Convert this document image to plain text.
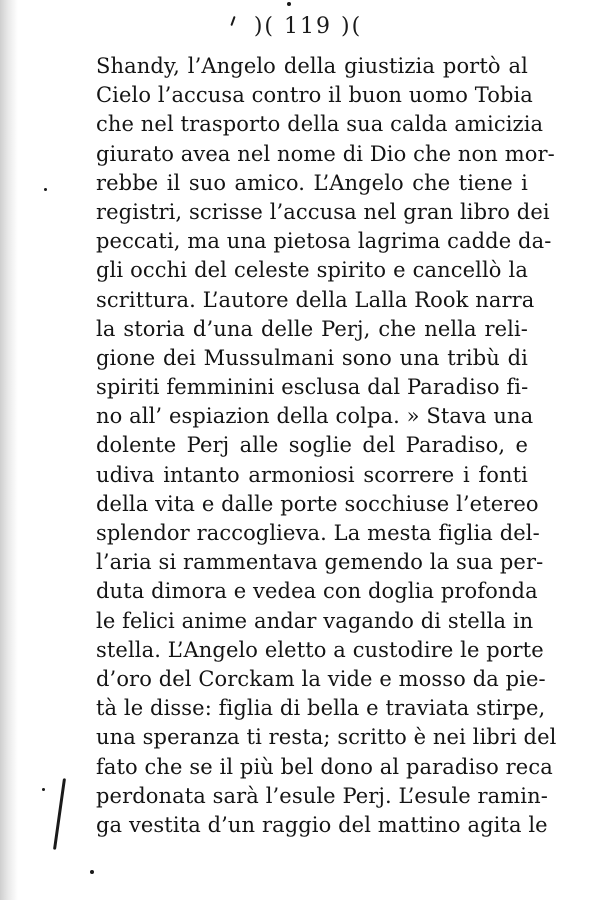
)( 119 )(
Shandy, l’Angelo della giustizia portò al
Cielo l’accusa contro il buon uomo Tobia
che nel trasporto della sua calda amicizia
giurato avea nel nome di Dio che non mor-
rebbe il suo amico. L’Angelo che tiene i
registri, scrisse l’accusa nel gran libro dei
peccati, ma una pietosa lagrima cadde da-
gli occhi del celeste spirito e cancellò la
scrittura. L’autore della Lalla Rook narra
la storia d’una delle Perj, che nella reli-
gione dei Mussulmani sono una tribù di
spiriti femminini esclusa dal Paradiso fi-
no all’ espiazion della colpa. » Stava una
dolente Perj alle soglie del Paradiso, e
udiva intanto armoniosi scorrere i fonti
della vita e dalle porte socchiuse l’etereo
splendor raccoglieva. La mesta figlia del-
l’aria si rammentava gemendo la sua per-
duta dimora e vedea con doglia profonda
le felici anime andar vagando di stella in
stella. L’Angelo eletto a custodire le porte
d’oro del Corckam la vide e mosso da pie-
tà le disse: figlia di bella e traviata stirpe,
una speranza ti resta; scritto è nei libri del
fato che se il più bel dono al paradiso reca
perdonata sarà l’esule Perj. L’esule ramin-
ga vestita d’un raggio del mattino agita le
